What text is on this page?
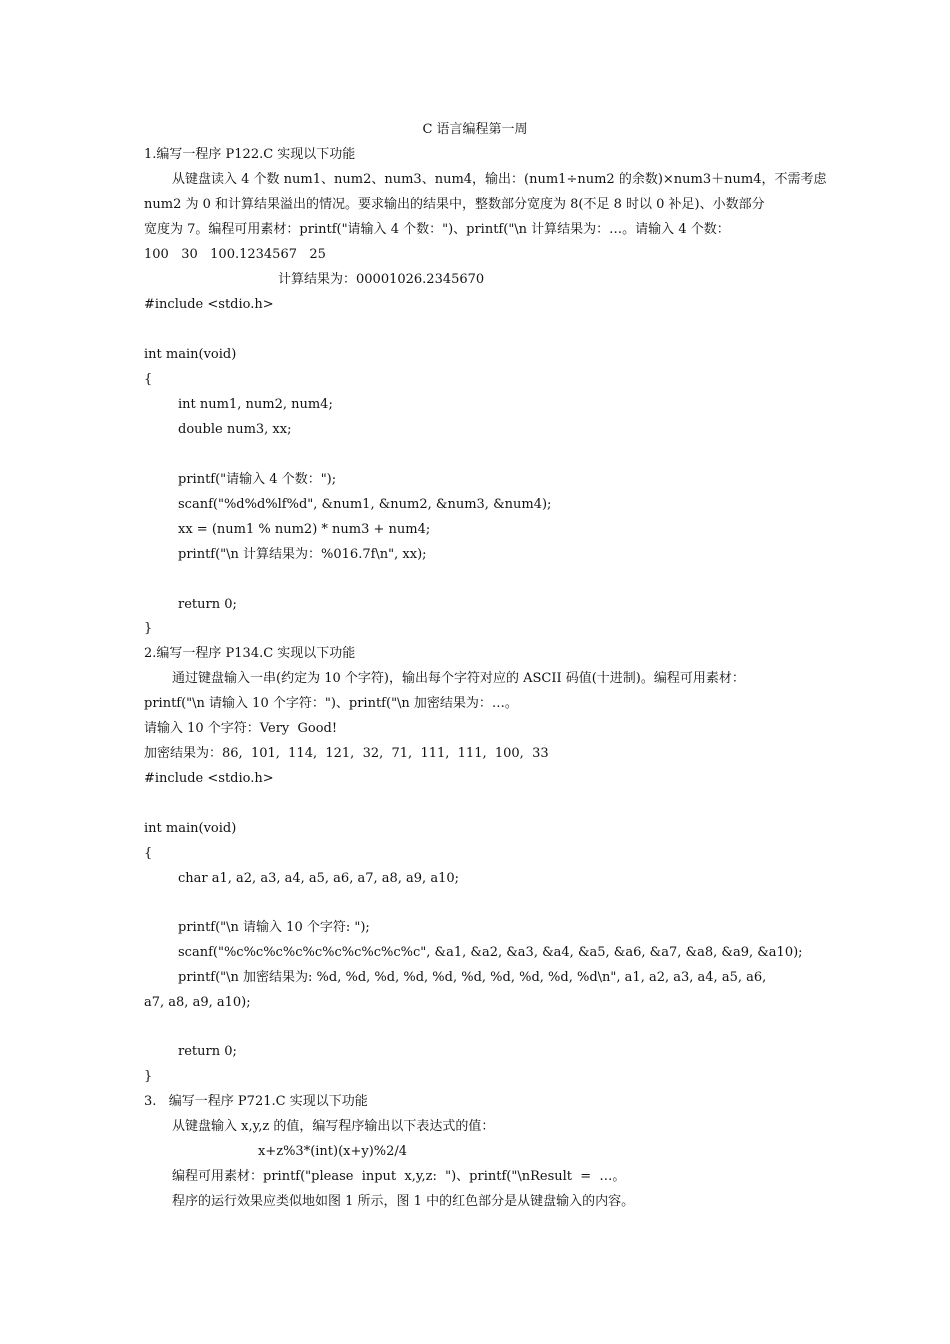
C 语言编程第一周
1.编写一程序 P122.C 实现以下功能
从键盘读入 4 个数 num1、num2、num3、num4，输出：(num1÷num2 的余数)×num3＋num4，不需考虑
num2 为 0 和计算结果溢出的情况。要求输出的结果中，整数部分宽度为 8(不足 8 时以 0 补足)、小数部分
宽度为 7。编程可用素材：printf("请输入 4 个数：")、printf("\n 计算结果为：…。请输入 4 个数：
100   30   100.1234567   25
计算结果为：00001026.2345670
#include <stdio.h>
int main(void)
{
int num1, num2, num4;
double num3, xx;
printf("请输入 4 个数：");
scanf("%d%d%lf%d", &num1, &num2, &num3, &num4);
xx = (num1 % num2) * num3 + num4;
printf("\n 计算结果为：%016.7f\n", xx);
return 0;
}
2.编写一程序 P134.C 实现以下功能
通过键盘输入一串(约定为 10 个字符)，输出每个字符对应的 ASCII 码值(十进制)。编程可用素材：
printf("\n 请输入 10 个字符：")、printf("\n 加密结果为：…。
请输入 10 个字符：Very  Good!
加密结果为：86,  101,  114,  121,  32,  71,  111,  111,  100,  33
#include <stdio.h>
int main(void)
{
char a1, a2, a3, a4, a5, a6, a7, a8, a9, a10;
printf("\n 请输入 10 个字符: ");
scanf("%c%c%c%c%c%c%c%c%c%c", &a1, &a2, &a3, &a4, &a5, &a6, &a7, &a8, &a9, &a10);
printf("\n 加密结果为: %d, %d, %d, %d, %d, %d, %d, %d, %d, %d\n", a1, a2, a3, a4, a5, a6,
a7, a8, a9, a10);
return 0;
}
3.   编写一程序 P721.C 实现以下功能
从键盘输入 x,y,z 的值，编写程序输出以下表达式的值：
x+z%3*(int)(x+y)%2/4
编程可用素材：printf("please  input  x,y,z:  ")、printf("\nResult  =  …。
程序的运行效果应类似地如图 1 所示，图 1 中的红色部分是从键盘输入的内容。
